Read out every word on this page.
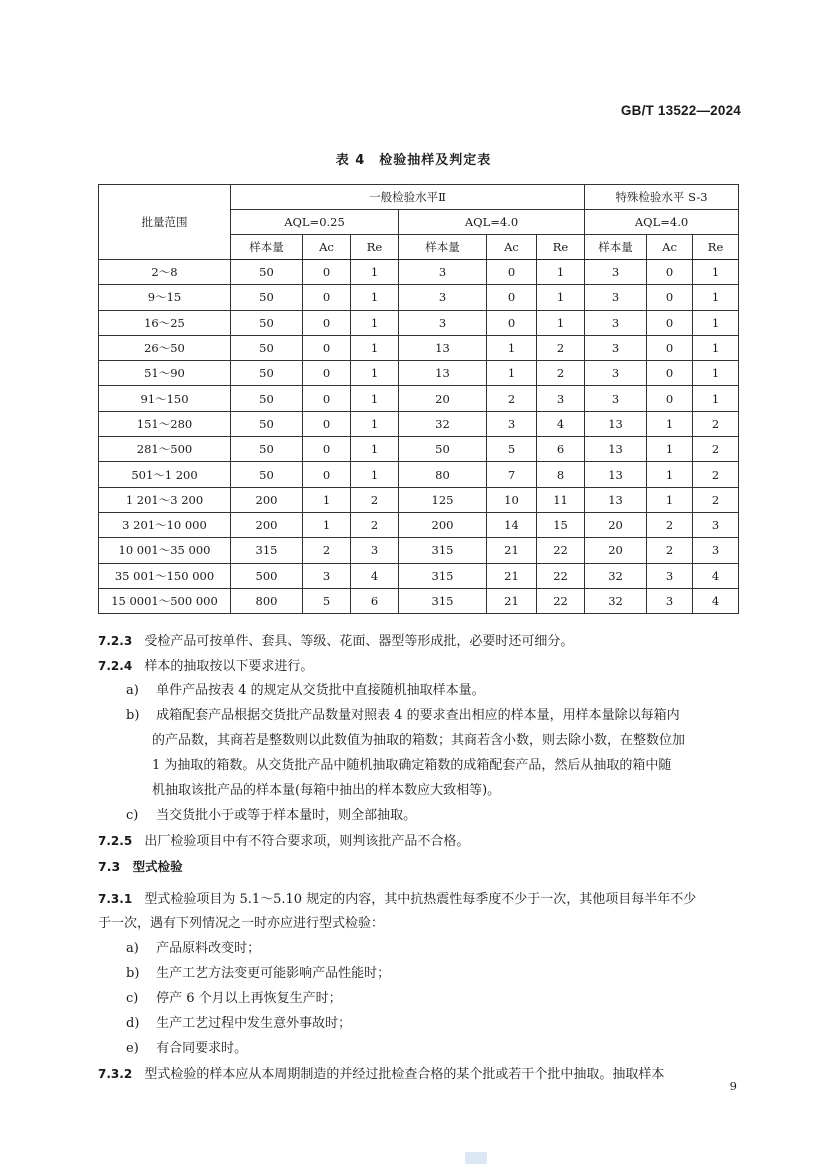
GB/T 13522—2024
表 4　检验抽样及判定表
批量范围	一般检验水平Ⅱ						特殊检验水平 S-3		
	AQL=0.25			AQL=4.0			AQL=4.0		
	样本量	Ac	Re	样本量	Ac	Re	样本量	Ac	Re
2～8	50	0	1	3	0	1	3	0	1
9～15	50	0	1	3	0	1	3	0	1
16～25	50	0	1	3	0	1	3	0	1
26～50	50	0	1	13	1	2	3	0	1
51～90	50	0	1	13	1	2	3	0	1
91～150	50	0	1	20	2	3	3	0	1
151～280	50	0	1	32	3	4	13	1	2
281～500	50	0	1	50	5	6	13	1	2
501～1 200	50	0	1	80	7	8	13	1	2
1 201～3 200	200	1	2	125	10	11	13	1	2
3 201～10 000	200	1	2	200	14	15	20	2	3
10 001～35 000	315	2	3	315	21	22	20	2	3
35 001～150 000	500	3	4	315	21	22	32	3	4
15 0001～500 000	800	5	6	315	21	22	32	3	4
7.2.3 受检产品可按单件、套具、等级、花面、器型等形成批，必要时还可细分。
7.2.4 样本的抽取按以下要求进行。
a) 单件产品按表 4 的规定从交货批中直接随机抽取样本量。
b) 成箱配套产品根据交货批产品数量对照表 4 的要求查出相应的样本量，用样本量除以每箱内
的产品数，其商若是整数则以此数值为抽取的箱数；其商若含小数，则去除小数，在整数位加
1 为抽取的箱数。从交货批产品中随机抽取确定箱数的成箱配套产品，然后从抽取的箱中随
机抽取该批产品的样本量(每箱中抽出的样本数应大致相等)。
c) 当交货批小于或等于样本量时，则全部抽取。
7.2.5 出厂检验项目中有不符合要求项，则判该批产品不合格。
7.3　型式检验
7.3.1 型式检验项目为 5.1～5.10 规定的内容，其中抗热震性每季度不少于一次，其他项目每半年不少
于一次，遇有下列情况之一时亦应进行型式检验：
a) 产品原料改变时；
b) 生产工艺方法变更可能影响产品性能时；
c) 停产 6 个月以上再恢复生产时；
d) 生产工艺过程中发生意外事故时；
e) 有合同要求时。
7.3.2 型式检验的样本应从本周期制造的并经过批检查合格的某个批或若干个批中抽取。抽取样本
9
